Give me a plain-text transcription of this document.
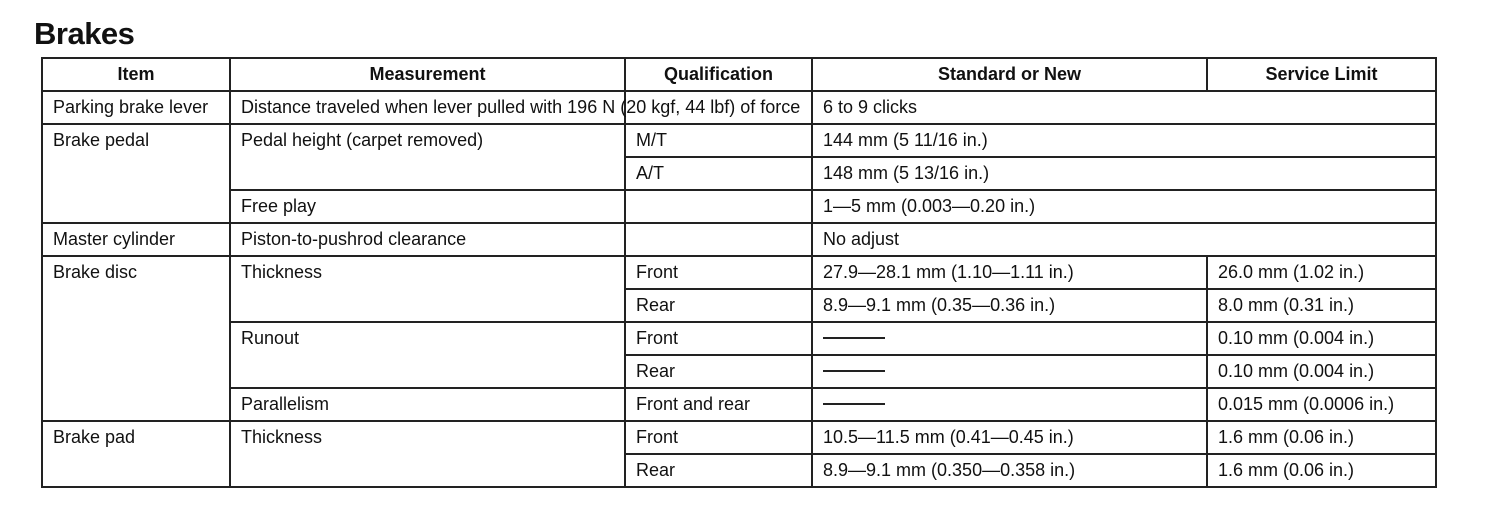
Brakes
Item	Measurement	Qualification	Standard or New	Service Limit
Parking brake lever	Distance traveled when lever pulled with 196 N (20 kgf, 44 lbf) of force		6 to 9 clicks	
Brake pedal	Pedal height (carpet removed)	M/T	144 mm (5 11/16 in.)	
		A/T	148 mm (5 13/16 in.)	
	Free play		1—5 mm (0.003—0.20 in.)	
Master cylinder	Piston-to-pushrod clearance		No adjust	
Brake disc	Thickness	Front	27.9—28.1 mm (1.10—1.11 in.)	26.0 mm (1.02 in.)
		Rear	8.9—9.1 mm (0.35—0.36 in.)	8.0 mm (0.31 in.)
	Runout	Front		0.10 mm (0.004 in.)
		Rear		0.10 mm (0.004 in.)
	Parallelism	Front and rear		0.015 mm (0.0006 in.)
Brake pad	Thickness	Front	10.5—11.5 mm (0.41—0.45 in.)	1.6 mm (0.06 in.)
		Rear	8.9—9.1 mm (0.350—0.358 in.)	1.6 mm (0.06 in.)
